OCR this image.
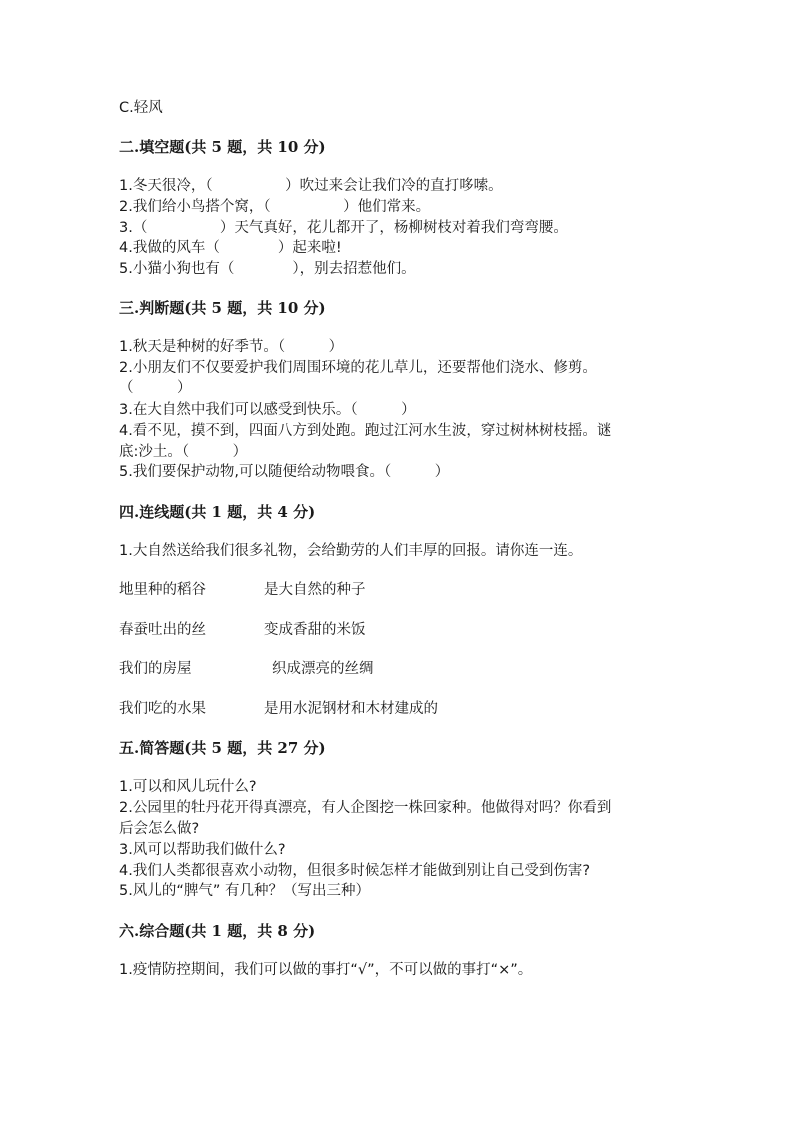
C.轻风
二.填空题(共 5 题，共 10 分)
1.冬天很冷，（　　　　　）吹过来会让我们冷的直打哆嗦。
2.我们给小鸟搭个窝，（　　　　　）他们常来。
3.（　　　　　）天气真好，花儿都开了，杨柳树枝对着我们弯弯腰。
4.我做的风车（　　　　）起来啦!
5.小猫小狗也有（　　　　），别去招惹他们。
三.判断题(共 5 题，共 10 分)
1.秋天是种树的好季节。（　　　）
2.小朋友们不仅要爱护我们周围环境的花儿草儿，还要帮他们浇水、修剪。
（　　　）
3.在大自然中我们可以感受到快乐。（　　　）
4.看不见，摸不到，四面八方到处跑。跑过江河水生波，穿过树林树枝摇。谜
底:沙土。（　　　）
5.我们要保护动物,可以随便给动物喂食。（　　　）
四.连线题(共 1 题，共 4 分)
1.大自然送给我们很多礼物，会给勤劳的人们丰厚的回报。请你连一连。
地里种的稻谷	是大自然的种子
春蚕吐出的丝	变成香甜的米饭
我们的房屋	织成漂亮的丝绸
我们吃的水果	是用水泥钢材和木材建成的
五.简答题(共 5 题，共 27 分)
1.可以和风儿玩什么?
2.公园里的牡丹花开得真漂亮，有人企图挖一株回家种。他做得对吗？你看到
后会怎么做?
3.风可以帮助我们做什么?
4.我们人类都很喜欢小动物，但很多时候怎样才能做到别让自己受到伤害?
5.风儿的“脾气” 有几种？（写出三种）
六.综合题(共 1 题，共 8 分)
1.疫情防控期间，我们可以做的事打“√”，不可以做的事打“×”。
